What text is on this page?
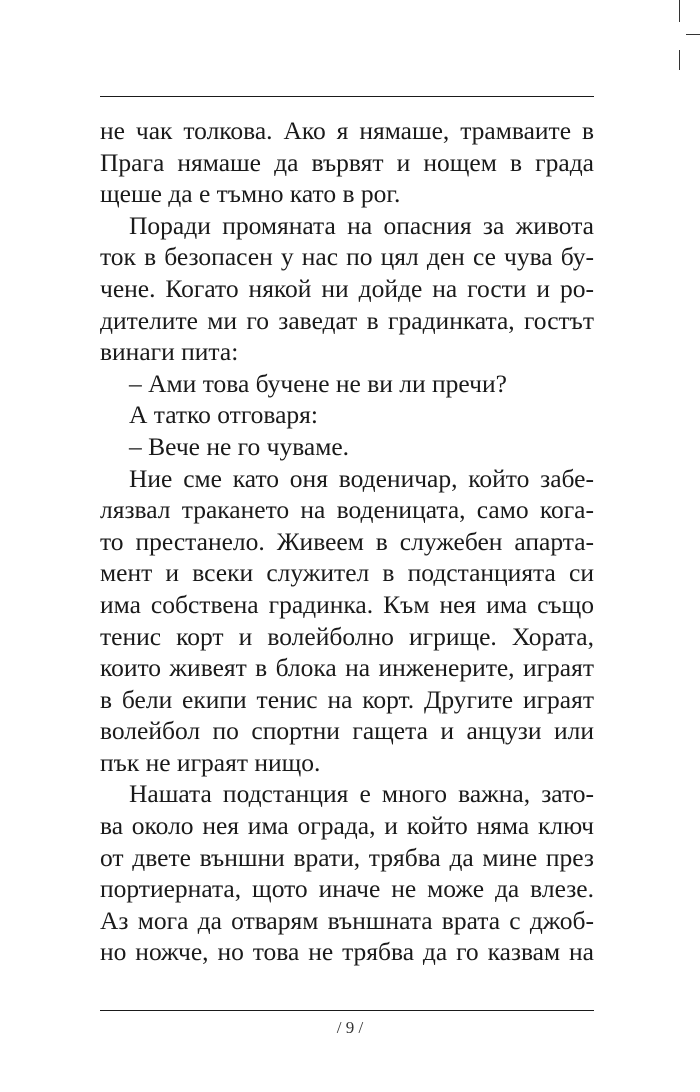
не чак толкова. Ако я нямаше, трамваите в
Прага нямаше да вървят и нощем в града
щеше да е тъмно като в рог.
Поради промяната на опасния за живота
ток в безопасен у нас по цял ден се чува бу-
чене. Когато някой ни дойде на гости и ро-
дителите ми го заведат в градинката, гостът
винаги пита:
– Ами това бучене не ви ли пречи?
А татко отговаря:
– Вече не го чуваме.
Ние сме като оня воденичар, който забе-
лязвал тракането на воденицата, само кога-
то престанело. Живеем в служебен апарта-
мент и всеки служител в подстанцията си
има собствена градинка. Към нея има също
тенис корт и волейболно игрище. Хората,
които живеят в блока на инженерите, играят
в бели екипи тенис на корт. Другите играят
волейбол по спортни гащета и анцузи или
пък не играят нищо.
Нашата подстанция е много важна, зато-
ва около нея има ограда, и който няма ключ
от двете външни врати, трябва да мине през
портиерната, щото иначе не може да влезе.
Аз мога да отварям външната врата с джоб-
но ножче, но това не трябва да го казвам на
/ 9 /
